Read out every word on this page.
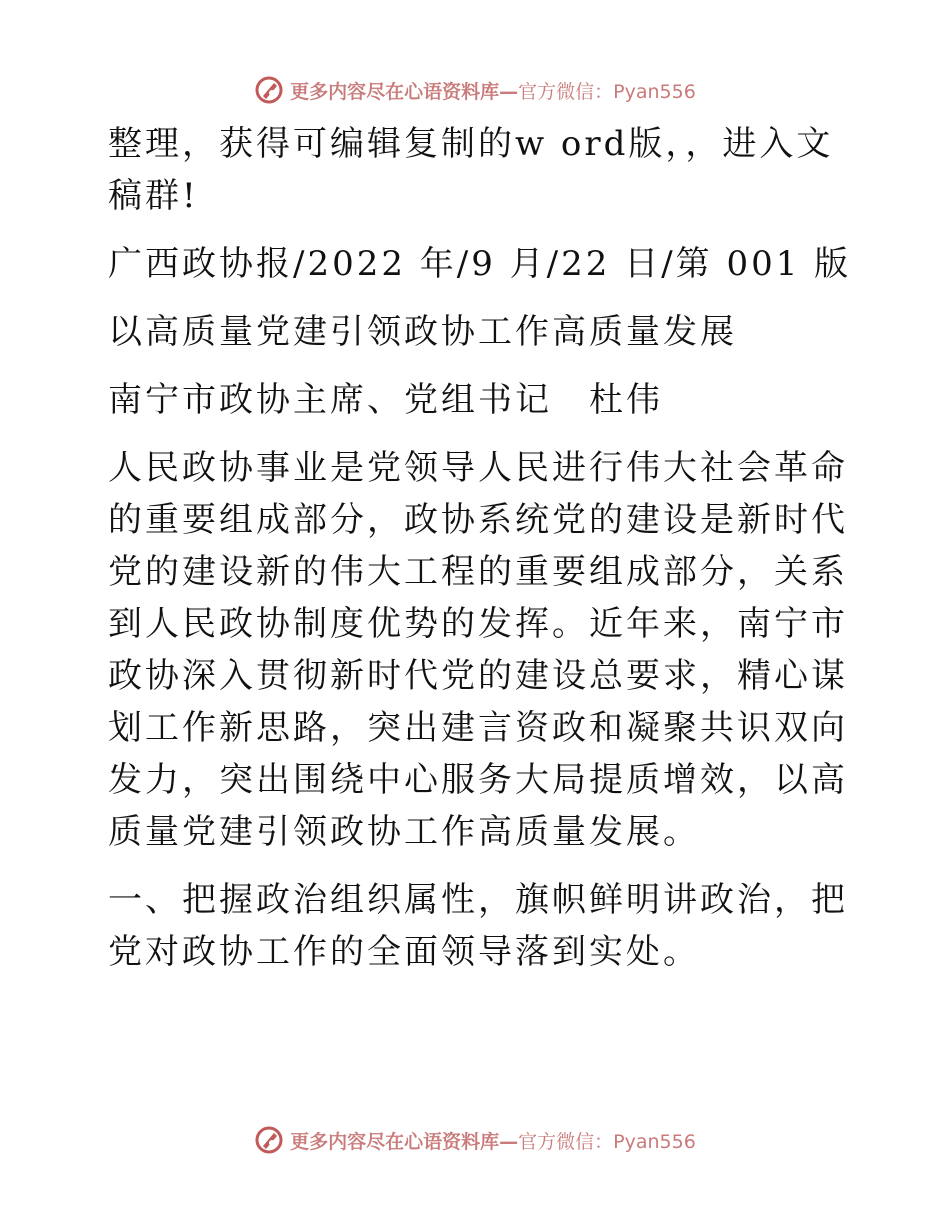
更多内容尽在心语资料库—官方微信：Pyan556

整理，获得可编辑复制的w ord版，，进入文稿群!

广西政协报/2022 年/9 月/22 日/第 001 版

以高质量党建引领政协工作高质量发展

南宁市政协主席、党组书记　杜伟

人民政协事业是党领导人民进行伟大社会革命的重要组成部分，政协系统党的建设是新时代党的建设新的伟大工程的重要组成部分，关系到人民政协制度优势的发挥。近年来，南宁市政协深入贯彻新时代党的建设总要求，精心谋划工作新思路，突出建言资政和凝聚共识双向发力，突出围绕中心服务大局提质增效，以高质量党建引领政协工作高质量发展。

一、把握政治组织属性，旗帜鲜明讲政治，把党对政协工作的全面领导落到实处。

更多内容尽在心语资料库—官方微信：Pyan556
